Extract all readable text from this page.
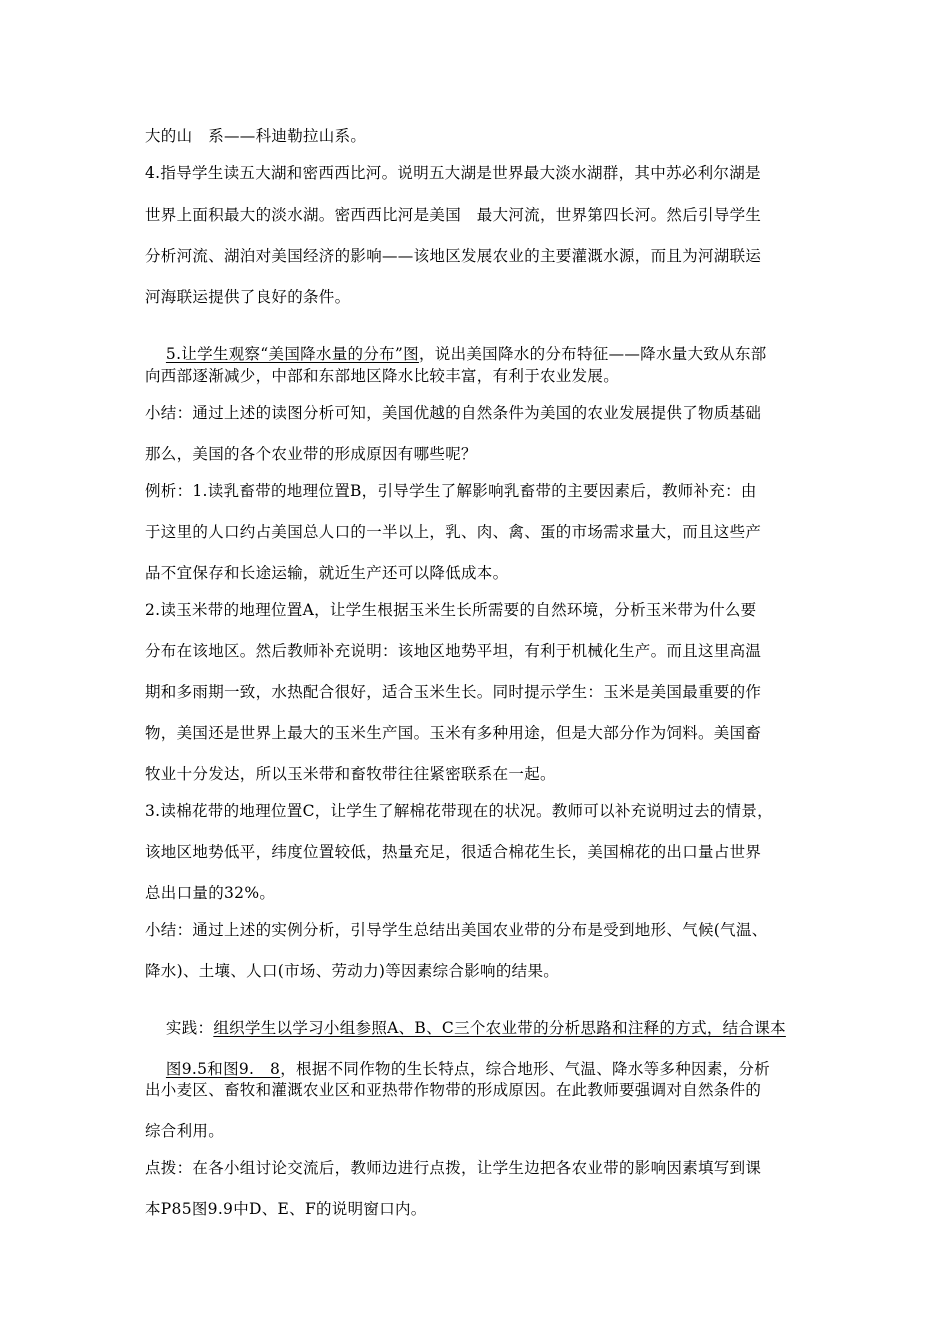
大的山　系——科迪勒拉山系。
4.指导学生读五大湖和密西西比河。说明五大湖是世界最大淡水湖群，其中苏必利尔湖是
世界上面积最大的淡水湖。密西西比河是美国　最大河流，世界第四长河。然后引导学生
分析河流、湖泊对美国经济的影响——该地区发展农业的主要灌溉水源，而且为河湖联运
河海联运提供了良好的条件。

5.让学生观察“美国降水量的分布”图，说出美国降水的分布特征——降水量大致从东部

向西部逐渐减少，中部和东部地区降水比较丰富，有利于农业发展。
小结：通过上述的读图分析可知，美国优越的自然条件为美国的农业发展提供了物质基础
那么，美国的各个农业带的形成原因有哪些呢？
例析：1.读乳畜带的地理位置B，引导学生了解影响乳畜带的主要因素后，教师补充：由
于这里的人口约占美国总人口的一半以上，乳、肉、禽、蛋的市场需求量大，而且这些产
品不宜保存和长途运输，就近生产还可以降低成本。
2.读玉米带的地理位置A，让学生根据玉米生长所需要的自然环境，分析玉米带为什么要
分布在该地区。然后教师补充说明：该地区地势平坦，有利于机械化生产。而且这里高温
期和多雨期一致，水热配合很好，适合玉米生长。同时提示学生：玉米是美国最重要的作
物，美国还是世界上最大的玉米生产国。玉米有多种用途，但是大部分作为饲料。美国畜
牧业十分发达，所以玉米带和畜牧带往往紧密联系在一起。
3.读棉花带的地理位置C，让学生了解棉花带现在的状况。教师可以补充说明过去的情景，
该地区地势低平，纬度位置较低，热量充足，很适合棉花生长，美国棉花的出口量占世界
总出口量的32%。
小结：通过上述的实例分析，引导学生总结出美国农业带的分布是受到地形、气候(气温、
降水)、土壤、人口(市场、劳动力)等因素综合影响的结果。

实践：组织学生以学习小组参照A、B、C三个农业带的分析思路和注释的方式，结合课本

图9.5和图9.　8，根据不同作物的生长特点，综合地形、气温、降水等多种因素，分析

出小麦区、畜牧和灌溉农业区和亚热带作物带的形成原因。在此教师要强调对自然条件的
综合利用。
点拨：在各小组讨论交流后，教师边进行点拨，让学生边把各农业带的影响因素填写到课
本P85图9.9中D、E、F的说明窗口内。
